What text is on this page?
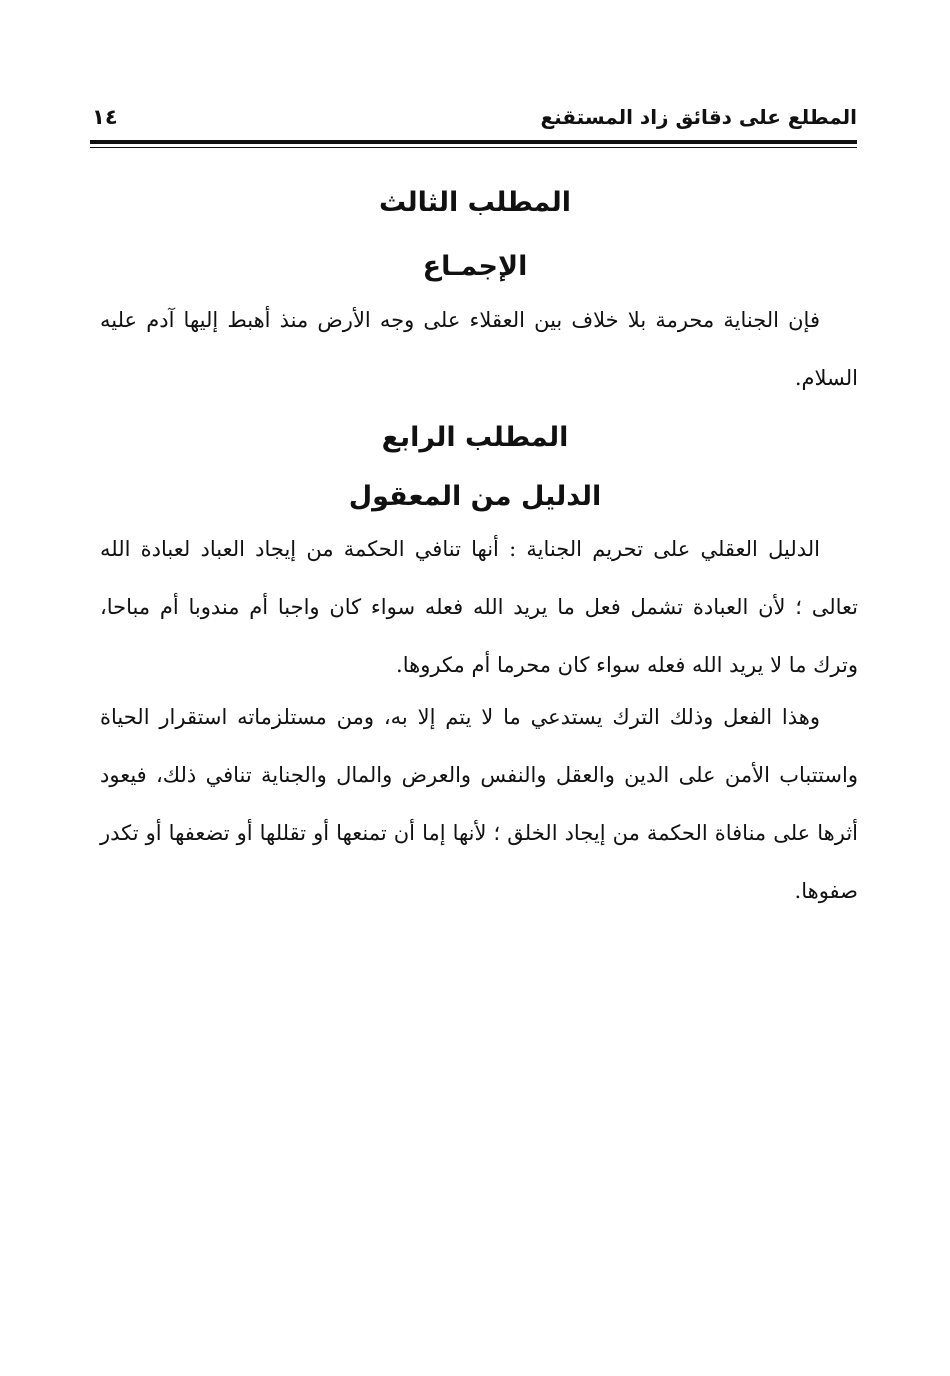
المطلع على دقائق زاد المستقنع
١٤
المطلب الثالث
الإجمـاع

فإن الجناية محرمة بلا خلاف بين العقلاء على وجه الأرض منذ أهبط إليها آدم عليه السلام.

المطلب الرابع
الدليل من المعقول

الدليل العقلي على تحريم الجناية : أنها تنافي الحكمة من إيجاد العباد لعبادة الله تعالى ؛ لأن العبادة تشمل فعل ما يريد الله فعله سواء كان واجبا أم مندوبا أم مباحا، وترك ما لا يريد الله فعله سواء كان محرما أم مكروها.

وهذا الفعل وذلك الترك يستدعي ما لا يتم إلا به، ومن مستلزماته استقرار الحياة واستتباب الأمن على الدين والعقل والنفس والعرض والمال والجناية تنافي ذلك، فيعود أثرها على منافاة الحكمة من إيجاد الخلق ؛ لأنها إما أن تمنعها أو تقللها أو تضعفها أو تكدر صفوها.
